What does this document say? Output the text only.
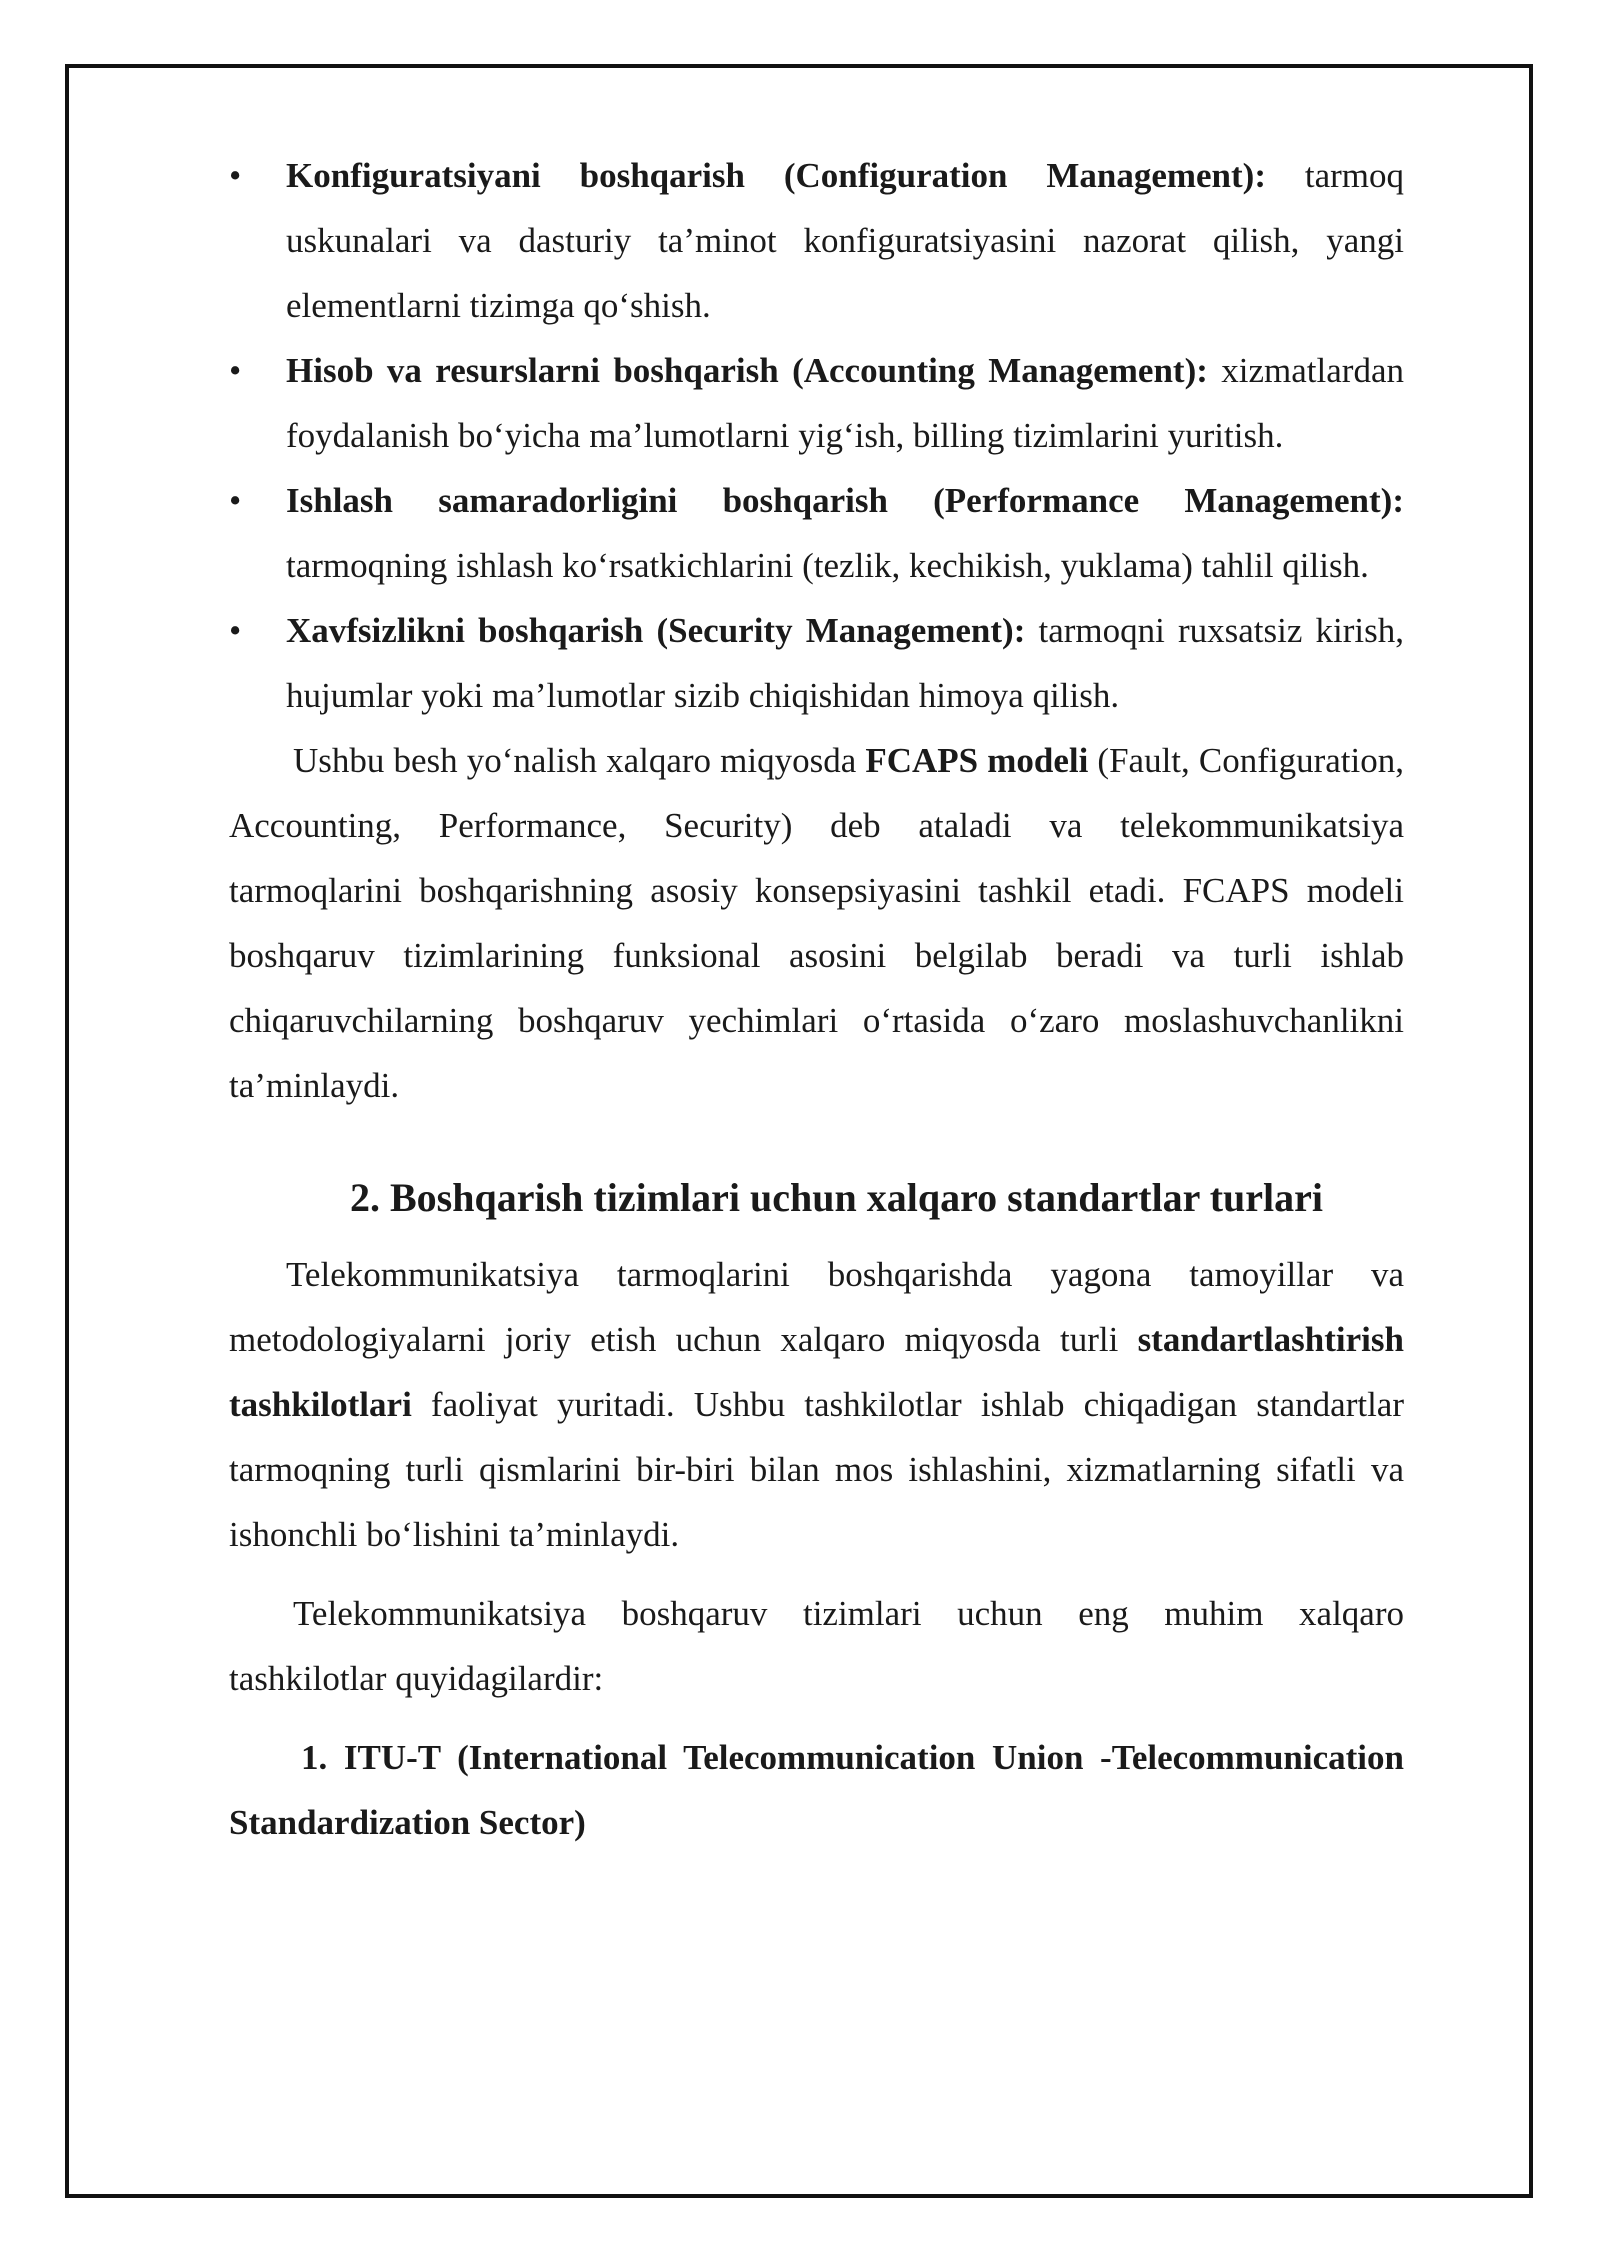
• Konfiguratsiyani boshqarish (Configuration Management): tarmoq uskunalari va dasturiy ta’minot konfiguratsiyasini nazorat qilish, yangi elementlarni tizimga qo‘shish.
• Hisob va resurslarni boshqarish (Accounting Management): xizmatlardan foydalanish bo‘yicha ma’lumotlarni yig‘ish, billing tizimlarini yuritish.
• Ishlash samaradorligini boshqarish (Performance Management): tarmoqning ishlash ko‘rsatkichlarini (tezlik, kechikish, yuklama) tahlil qilish.
• Xavfsizlikni boshqarish (Security Management): tarmoqni ruxsatsiz kirish, hujumlar yoki ma’lumotlar sizib chiqishidan himoya qilish.

Ushbu besh yo‘nalish xalqaro miqyosda FCAPS modeli (Fault, Configuration, Accounting, Performance, Security) deb ataladi va telekommunikatsiya tarmoqlarini boshqarishning asosiy konsepsiyasini tashkil etadi. FCAPS modeli boshqaruv tizimlarining funksional asosini belgilab beradi va turli ishlab chiqaruvchilarning boshqaruv yechimlari o‘rtasida o‘zaro moslashuvchanlikni ta’minlaydi.

2. Boshqarish tizimlari uchun xalqaro standartlar turlari

Telekommunikatsiya tarmoqlarini boshqarishda yagona tamoyillar va metodologiyalarni joriy etish uchun xalqaro miqyosda turli standartlashtirish tashkilotlari faoliyat yuritadi. Ushbu tashkilotlar ishlab chiqadigan standartlar tarmoqning turli qismlarini bir-biri bilan mos ishlashini, xizmatlarning sifatli va ishonchli bo‘lishini ta’minlaydi.

Telekommunikatsiya boshqaruv tizimlari uchun eng muhim xalqaro tashkilotlar quyidagilardir:

1. ITU-T (International Telecommunication Union -Telecommunication Standardization Sector)
